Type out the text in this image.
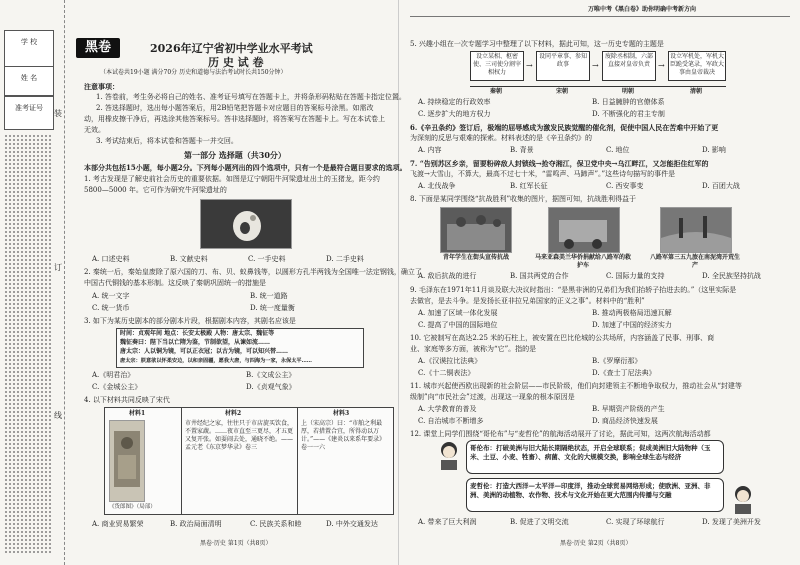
学 校
姓 名
准考证号
装
订
线
黑卷	2026年辽宁省初中学业水平考试
历 史 试 卷
（本试卷共19小题 满分70分 历史和道德与法治考试时长共150分钟）
万唯中考《黑白卷》助你明确中考新方向
注意事项：
1. 答卷前，考生务必将自己的姓名、准考证号填写在答题卡上，并将条形码粘贴在答题卡指定位置。
2. 答选择题时，选出每小题答案后，用2B铅笔把答题卡对应题目的答案标号涂黑。如需改
动，用橡皮擦干净后，再选涂其他答案标号。答非选择题时，将答案写在答题卡上。写在本试卷上
无效。
3. 考试结束后，将本试卷和答题卡一并交回。
第一部分 选择题（共30分）
本部分共包括15小题，每小题2分。下列每小题列出的四个选项中，只有一个是最符合题目要求的选项。
1. 考古发现是了解史前社会历史的重要依据。如图是辽宁朝阳牛河梁遗址出土的玉猪龙，距今约
5800—5000 年。它可作为研究牛河梁遗址的
A. 口述史料	B. 文献史料	C. 一手史料	D. 二手史料
2. 秦统一后，秦始皇废除了原六国的刀、布、贝、蚁鼻钱等，以圆形方孔半两钱为全国唯一法定钢钱，确立了
中国古代铜钱的基本形制。这反映了秦朝巩固统一的措施是
A. 统一文字	B. 统一道路
C. 统一货币	D. 统一度量衡
3. 如下为某历史剧本的部分剧本片段，根据剧本内容，其剧名应该是
时间：贞观年间 地点：长安太极殿 人物：唐太宗、魏征等
魏征奏曰：陛下当以亡隋为鉴，节制欲望，从谏如流……
唐太宗：人以铜为镜，可以正衣冠；以古为镜，可以知兴替……
唐太宗：朕意欲以怀柔安边，以和亲固疆，愿我大唐，与四海为一家，永保太平……
A.《明君治》	B.《文成公主》
C.《金城公主》	D.《贞观气象》
4. 以下材料共同反映了宋代
材料1
《货郎图》（局部）
材料2
市井经纪之家，往往只于市店旋买饮食，不置家蔬。……夜市直至三更尽，才五更又复开张。如耍闹去处，通晓不绝。——孟元老《东京梦华录》卷三
材料3
上（宋高宗）曰：“市舶之利最厚，若措置合宜，所得动以万计。”——《建炎以来系年要录》卷一一六
A. 商业贸易繁荣	B. 政治局面清明	C. 民族关系和睦	D. 中外交通发达
黑卷·历史 第1页（共8页）
5. 兴趣小组在一次专题学习中整理了以下材料，据此可知，这一历史专题的主题是
设立某相、枢密使、三司使分割宰相权力
→
设同平章事、参知政事	→
废除丞相制，六部直接对皇帝负责	→
设立军机处，军机大臣跪受笔录，军政大事由皇帝裁决
秦朝	宋朝	明朝	清朝
A. 持续稳定的行政效率	B. 日益臃肿的官僚体系
C. 逐步扩大的地方权力	D. 不断强化的君主专制
6.《辛丑条约》签订后，极端的屈辱感成为激发民族觉醒的催化剂，促使中国人民在苦难中开始了更
为深刻的反思与艰难的探索。材料表述的是《辛丑条约》的
A. 内容	B. 背景	C. 地位	D. 影响
7. “告别苏区乡亲，留要粉碎敌人封锁线→抢夺湘江，保卫党中央→乌江畔江，又怎能拒住红军的
飞渡→大雪山，不算大，最高不过七十米，“雷鸣声、马蹄声”。”这些诗句描写的事件是
A. 北伐战争	B. 红军长征	C. 西安事变	D. 百团大战
8. 下面是某同学围绕“抗战胜利”收集的图片，据图可知，抗战胜利得益于
青年学生在街头宣传抗战	马来亚森美兰华侨捐献给八路军的救护车
八路军第三五九旅在南泥湾开荒生产
A. 敌后抗战的进行	B. 国共两党的合作	C. 国际力量的支持	D. 全民族坚持抗战
9. 毛泽东在1971年11月谈及联大决议时指出：“是黑非洲的兄弟们为我们抬轿子抬进去的。”（这里实际是
去做官，是去斗争。是发扬长亚非拉兄弟国家的正义之事”。材料中的“胜利”
A. 加速了区域一体化发展	B. 推动两极格局迅速瓦解
C. 提高了中国的国际地位	D. 加速了中国的经济实力
10. 它被制写在高达2.25 米的石柱上，被安置在巴比伦城的公共场所，内容涵盖了民事、刑事、商
业、家庭等多方面，被称为“它”。指的是
A.《汉谟拉比法典》	B.《罗摩衍那》
C.《十二铜表法》	D.《查士丁尼法典》
11. 城市兴起使西欧出现新的社会阶层——市民阶级，他们向封建领主不断地争取权力，推动社会从“封建等
级制”向“市民社会”过渡，出现这一现象的根本原因是
A. 大学教育的普及	B. 早期资产阶级的产生
C. 自治城市不断增多	D. 商品经济快速发展
12. 课堂上同学们围绕“哥伦布”与“麦哲伦”的航海活动展开了讨论，据此可知，这两次航海活动都
哥伦布：打破美洲与旧大陆长期隔绝状态，开启全球联系；促成美洲旧大陆物种（玉米、土豆、小麦、牲畜）、病菌、文化的大规模交换，影响全球生态与经济
麦哲伦：打造大西洋—太平洋—印度洋，推动全球贸易网络形成；使欧洲、亚洲、非洲、美洲的动植物、农作物、技术与文化开始在更大范围内传播与交融
A. 带来了巨大利润	B. 促进了文明交流	C. 实现了环球航行	D. 发现了美洲开发
黑卷·历史 第2页（共8页）
